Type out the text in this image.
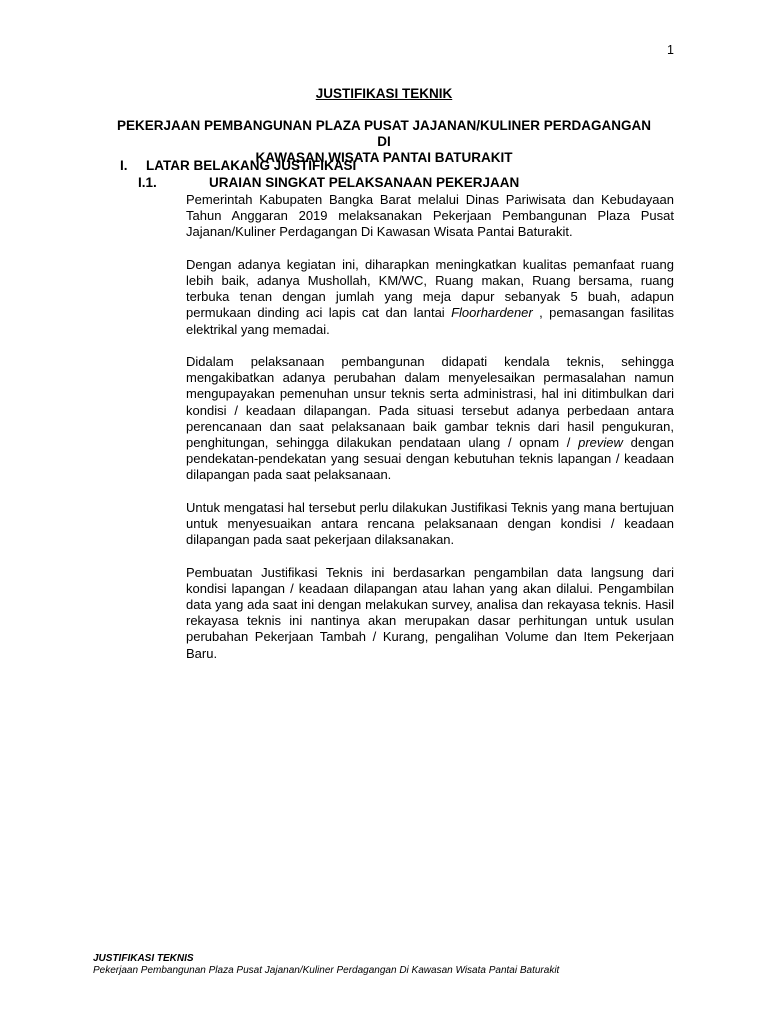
1
JUSTIFIKASI TEKNIK
PEKERJAAN PEMBANGUNAN PLAZA PUSAT JAJANAN/KULINER PERDAGANGAN DI
KAWASAN WISATA PANTAI BATURAKIT
I. LATAR BELAKANG JUSTIFIKASI
I.1.	URAIAN SINGKAT PELAKSANAAN PEKERJAAN

Pemerintah Kabupaten Bangka Barat melalui Dinas Pariwisata dan Kebudayaan Tahun Anggaran 2019 melaksanakan Pekerjaan Pembangunan Plaza Pusat Jajanan/Kuliner Perdagangan Di Kawasan Wisata Pantai Baturakit.

Dengan adanya kegiatan ini, diharapkan meningkatkan kualitas pemanfaat ruang lebih baik, adanya Musholla​h, KM/WC, Ruang makan, Ruang bersama, ruang terbuka tenan dengan jumlah yang meja dapur sebanyak 5 buah, adapun permukaan dinding aci lapis cat dan lantai Floorhardener , pemasangan fasilitas elektrikal yang memadai.

Didalam pelaksanaan pembangunan didapati kendala teknis, sehingga mengakibatkan adanya perubahan dalam menyelesaikan permasalahan namun mengupayakan pemenuhan unsur teknis serta administrasi, hal ini ditimbulkan dari kondisi / keadaan dilapangan. Pada situasi tersebut adanya perbedaan antara perencanaan dan saat pelaksanaan baik gambar teknis dari hasil pengukuran, penghitungan, sehingga dilakukan pendataan ulang / opnam / preview dengan pendekatan-pendekatan yang sesuai dengan kebutuhan teknis lapangan / keadaan dilapangan pada saat pelaksanaan.

Untuk mengatasi hal tersebut perlu dilakukan Justifikasi Teknis yang mana bertujuan untuk menyesuaikan antara rencana pelaksanaan dengan kondisi / keadaan dilapangan pada saat pekerjaan dilaksanakan.

Pembuatan Justifikasi Teknis ini berdasarkan pengambilan data langsung dari kondisi lapangan / keadaan dilapangan atau lahan yang akan dilalui. Pengambilan data yang ada saat ini dengan melakukan survey, analisa dan rekayasa teknis. Hasil rekayasa teknis ini nantinya akan merupakan dasar perhitungan untuk usulan perubahan Pekerjaan Tambah / Kurang, pengalihan Volume dan Item Pekerjaan Baru.

JUSTIFIKASI TEKNIS
Pekerjaan Pembangunan Plaza Pusat Jajanan/Kuliner Perdagangan Di Kawasan Wisata Pantai Baturakit
